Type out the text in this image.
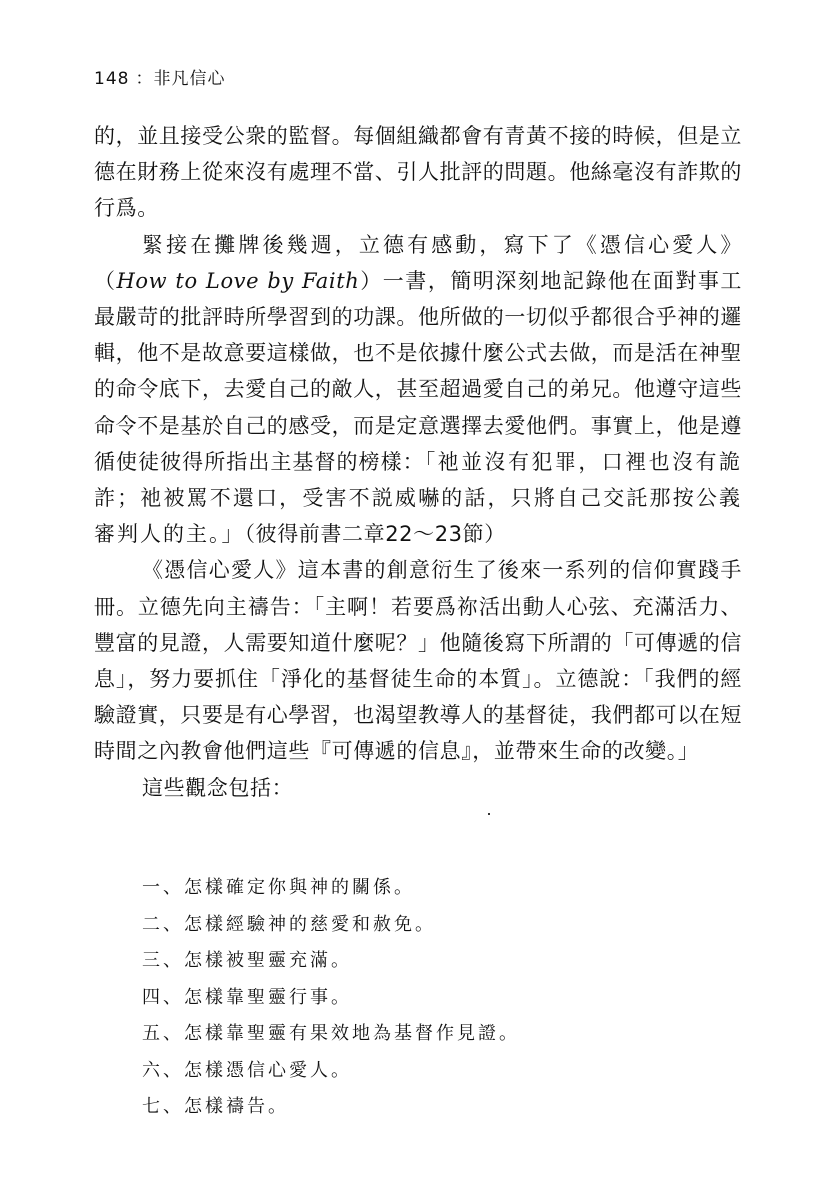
148 ：非凡信心

的，並且接受公衆的監督。每個組織都會有青黃不接的時候，但是立德在財務上從來沒有處理不當、引人批評的問題。他絲毫沒有詐欺的行爲。

緊接在攤牌後幾週，立德有感動，寫下了《憑信心愛人》（How to Love by Faith）一書，簡明深刻地記錄他在面對事工最嚴苛的批評時所學習到的功課。他所做的一切似乎都很合乎神的邏輯，他不是故意要這樣做，也不是依據什麼公式去做，而是活在神聖的命令底下，去愛自己的敵人，甚至超過愛自己的弟兄。他遵守這些命令不是基於自己的感受，而是定意選擇去愛他們。事實上，他是遵循使徒彼得所指出主基督的榜樣：「祂並沒有犯罪，口裡也沒有詭詐；祂被罵不還口，受害不説威嚇的話，只將自己交託那按公義審判人的主。」（彼得前書二章22～23節）

《憑信心愛人》這本書的創意衍生了後來一系列的信仰實踐手冊。立德先向主禱告：「主啊！若要爲祢活出動人心弦、充滿活力、豐富的見證，人需要知道什麼呢？」他隨後寫下所謂的「可傳遞的信息」，努力要抓住「淨化的基督徒生命的本質」。立德說：「我們的經驗證實，只要是有心學習，也渴望教導人的基督徒，我們都可以在短時間之內教會他們這些『可傳遞的信息』，並帶來生命的改變。」

這些觀念包括：

一、怎樣確定你與神的關係。
二、怎樣經驗神的慈愛和赦免。
三、怎樣被聖靈充滿。
四、怎樣靠聖靈行事。
五、怎樣靠聖靈有果效地為基督作見證。
六、怎樣憑信心愛人。
七、怎樣禱告。
